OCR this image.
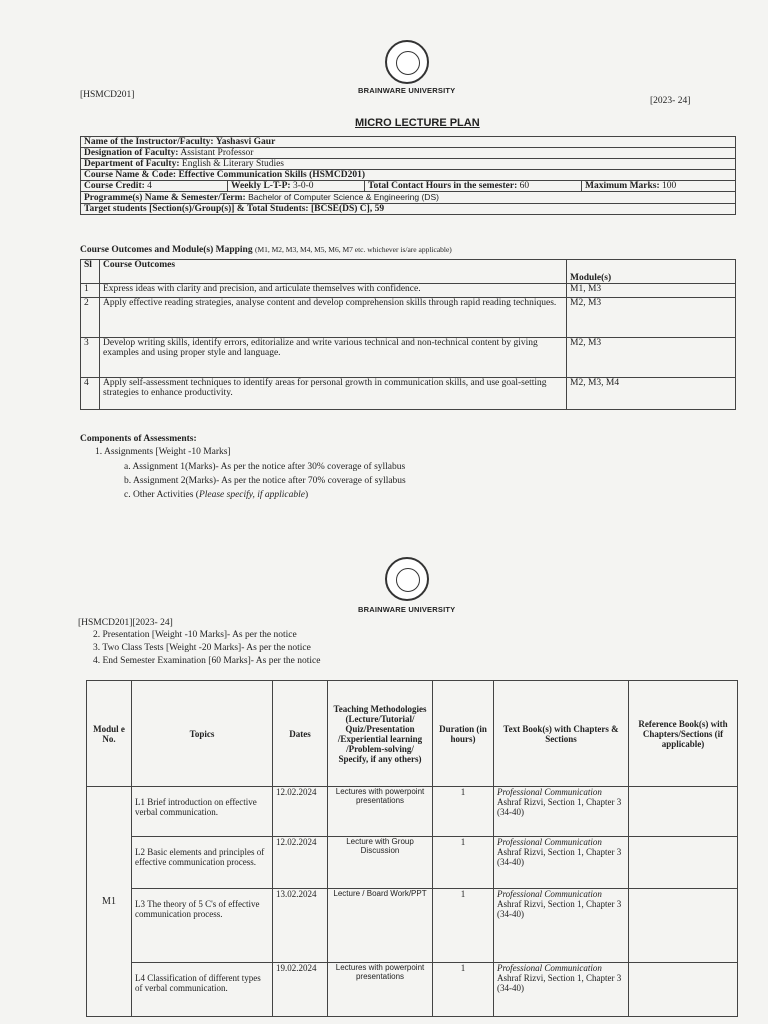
BRAINWARE UNIVERSITY
[HSMCD201]
[2023- 24]
MICRO LECTURE PLAN
Name of the Instructor/Faculty: Yashasvi Gaur
Designation of Faculty: Assistant Professor
Department of Faculty: English & Literary Studies
Course Name & Code: Effective Communication Skills (HSMCD201)
Course Credit: 4	Weekly L-T-P: 3-0-0	Total Contact Hours in the semester: 60	Maximum Marks: 100
Programme(s) Name & Semester/Term: Bachelor of Computer Science & Engineering (DS)
Target students [Section(s)/Group(s)] & Total Students: [BCSE(DS) C], 59
Course Outcomes and Module(s) Mapping (M1, M2, M3, M4, M5, M6, M7 etc. whichever is/are applicable)
Sl	Course Outcomes	Module(s)
1	Express ideas with clarity and precision, and articulate themselves with confidence.	M1, M3
2	Apply effective reading strategies, analyse content and develop comprehension skills through rapid reading techniques.	M2, M3
3	Develop writing skills, identify errors, editorialize and write various technical and non-technical content by giving examples and using proper style and language.	M2, M3
4	Apply self-assessment techniques to identify areas for personal growth in communication skills, and use goal-setting strategies to enhance productivity.	M2, M3, M4
Components of Assessments:
1. Assignments [Weight -10 Marks]
a. Assignment 1(Marks)- As per the notice after 30% coverage of syllabus
b. Assignment 2(Marks)- As per the notice after 70% coverage of syllabus
c. Other Activities (Please specify, if applicable)
BRAINWARE UNIVERSITY
[HSMCD201][2023- 24]
2. Presentation [Weight -10 Marks]- As per the notice
3. Two Class Tests [Weight -20 Marks]- As per the notice
4. End Semester Examination [60 Marks]- As per the notice
Modul e No.	Topics	Dates	Teaching Methodologies (Lecture/Tutorial/ Quiz/Presentation /Experiential learning /Problem-solving/ Specify, if any others)	Duration (in hours)	Text Book(s) with Chapters & Sections	Reference Book(s) with Chapters/Sections (if applicable)
M1	L1 Brief introduction on effective verbal communication.	12.02.2024	Lectures with powerpoint presentations	1	Professional Communication
Ashraf Rizvi, Section 1, Chapter 3 (34-40)	

	L2 Basic elements and principles of effective communication process.	12.02.2024	Lecture with Group Discussion	1	Professional Communication
Ashraf Rizvi, Section 1, Chapter 3 (34-40)	

	L3 The theory of 5 C's of effective communication process.	13.02.2024	Lecture / Board Work/PPT	1	Professional Communication
Ashraf Rizvi, Section 1, Chapter 3 (34-40)	

	L4 Classification of different types of verbal communication.	19.02.2024	Lectures with powerpoint presentations	1	Professional Communication
Ashraf Rizvi, Section 1, Chapter 3 (34-40)	
